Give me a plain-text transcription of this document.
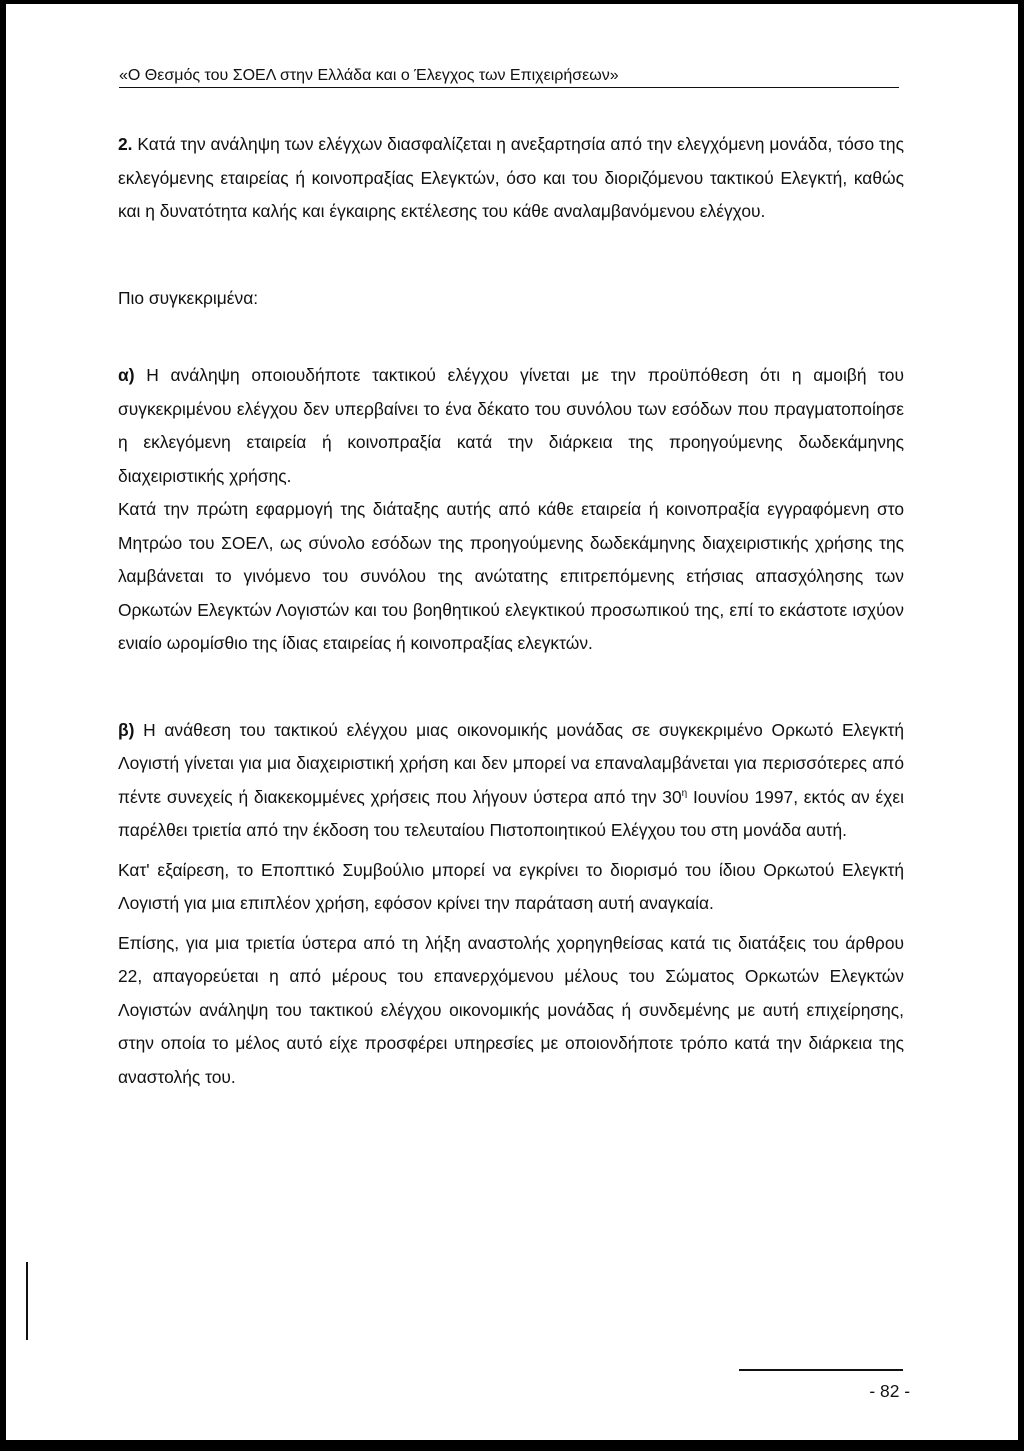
«Ο Θεσμός του ΣΟΕΛ στην Ελλάδα και ο Έλεγχος των Επιχειρήσεων»

2. Κατά την ανάληψη των ελέγχων διασφαλίζεται η ανεξαρτησία από την ελεγχόμενη μονάδα, τόσο της εκλεγόμενης εταιρείας ή κοινοπραξίας Ελεγκτών, όσο και του διοριζόμενου τακτικού Ελεγκτή, καθώς και η δυνατότητα καλής και έγκαιρης εκτέλεσης του κάθε αναλαμβανόμενου ελέγχου.

Πιο συγκεκριμένα:

α) Η ανάληψη οποιουδήποτε τακτικού ελέγχου γίνεται με την προϋπόθεση ότι η αμοιβή του συγκεκριμένου ελέγχου δεν υπερβαίνει το ένα δέκατο του συνόλου των εσόδων που πραγματοποίησε η εκλεγόμενη εταιρεία ή κοινοπραξία κατά την διάρκεια της προηγούμενης δωδεκάμηνης διαχειριστικής χρήσης.

Κατά την πρώτη εφαρμογή της διάταξης αυτής από κάθε εταιρεία ή κοινοπραξία εγγραφόμενη στο Μητρώο του ΣΟΕΛ, ως σύνολο εσόδων της προηγούμενης δωδεκάμηνης διαχειριστικής χρήσης της λαμβάνεται το γινόμενο του συνόλου της ανώτατης επιτρεπόμενης ετήσιας απασχόλησης των Ορκωτών Ελεγκτών Λογιστών και του βοηθητικού ελεγκτικού προσωπικού της, επί το εκάστοτε ισχύον ενιαίο ωρομίσθιο της ίδιας εταιρείας ή κοινοπραξίας ελεγκτών.

β) Η ανάθεση του τακτικού ελέγχου μιας οικονομικής μονάδας σε συγκεκριμένο Ορκωτό Ελεγκτή Λογιστή γίνεται για μια διαχειριστική χρήση και δεν μπορεί να επαναλαμβάνεται για περισσότερες από πέντε συνεχείς ή διακεκομμένες χρήσεις που λήγουν ύστερα από την $30^\eta$ Ιουνίου 1997, εκτός αν έχει παρέλθει τριετία από την έκδοση του τελευταίου Πιστοποιητικού Ελέγχου του στη μονάδα αυτή.

Κατ' εξαίρεση, το Εποπτικό Συμβούλιο μπορεί να εγκρίνει το διορισμό του ίδιου Ορκωτού Ελεγκτή Λογιστή για μια επιπλέον χρήση, εφόσον κρίνει την παράταση αυτή αναγκαία.

Επίσης, για μια τριετία ύστερα από τη λήξη αναστολής χορηγηθείσας κατά τις διατάξεις του άρθρου 22, απαγορεύεται η από μέρους του επανερχόμενου μέλους του Σώματος Ορκωτών Ελεγκτών Λογιστών ανάληψη του τακτικού ελέγχου οικονομικής μονάδας ή συνδεμένης με αυτή επιχείρησης, στην οποία το μέλος αυτό είχε προσφέρει υπηρεσίες με οποιονδήποτε τρόπο κατά την διάρκεια της αναστολής του.

- 82 -
